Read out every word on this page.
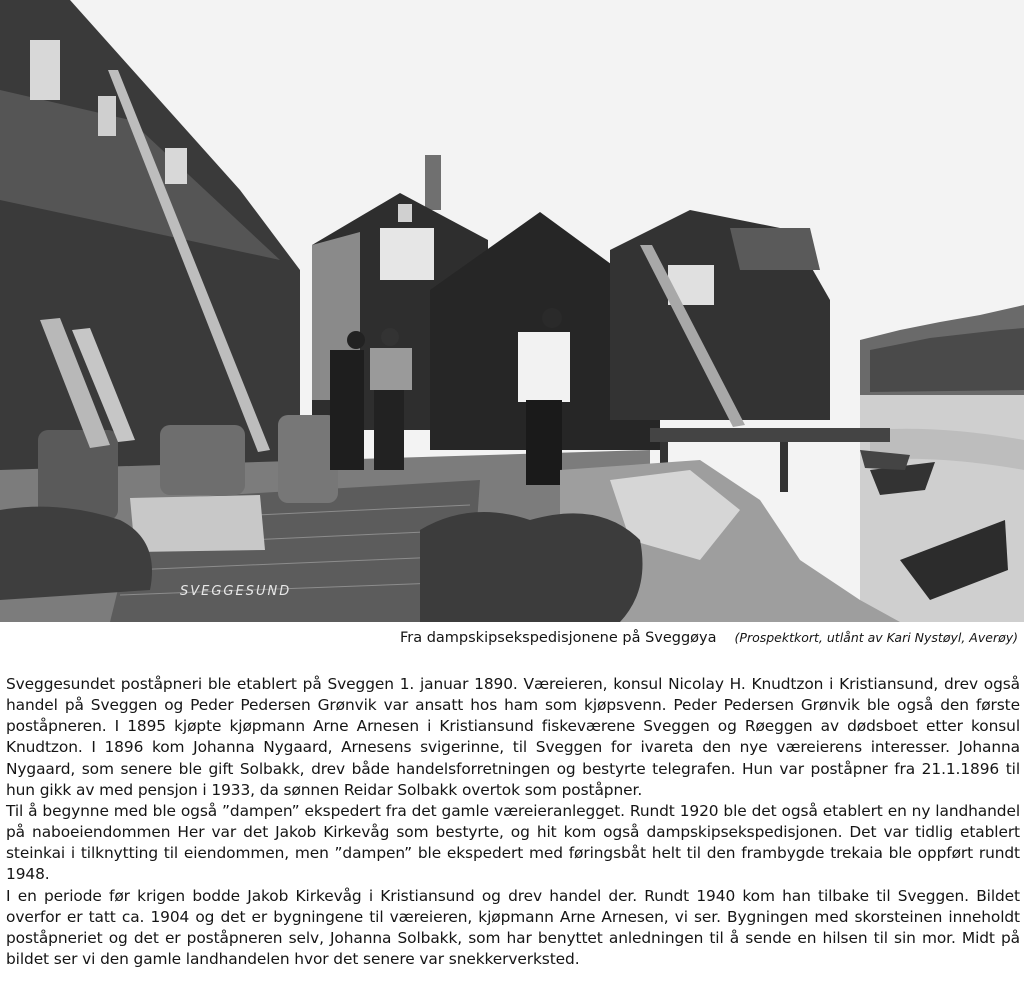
SVEGGESUND
Fra dampskipsekspedisjonene på Sveggøya (Prospektkort, utlånt av Kari Nystøyl, Averøy)

Sveggesundet poståpneri ble etablert på Sveggen 1. januar 1890. Væreieren, konsul Nicolay H. Knudtzon i Kristiansund, drev også handel på Sveggen og Peder Pedersen Grønvik var ansatt hos ham som kjøpsvenn. Peder Pedersen Grønvik ble også den første poståpneren. I 1895 kjøpte kjøpmann Arne Arnesen i Kristiansund fiskeværene Sveggen og Røeggen av dødsboet etter konsul Knudtzon. I 1896 kom Johanna Nygaard, Arnesens svigerinne, til Sveggen for ivareta den nye væreierens interesser. Johanna Nygaard, som senere ble gift Solbakk, drev både handelsforretningen og bestyrte telegrafen. Hun var poståpner fra 21.1.1896 til hun gikk av med pensjon i 1933, da sønnen Reidar Solbakk overtok som poståpner.

Til å begynne med ble også ”dampen” ekspedert fra det gamle væreieranlegget. Rundt 1920 ble det også etablert en ny landhandel på naboeiendommen Her var det Jakob Kirkevåg som bestyrte, og hit kom også dampskipsekspedisjonen. Det var tidlig etablert steinkai i tilknytting til eiendommen, men ”dampen” ble ekspedert med føringsbåt helt til den frambygde trekaia ble oppført rundt 1948.

I en periode før krigen bodde Jakob Kirkevåg i Kristiansund og drev handel der. Rundt 1940 kom han tilbake til Sveggen. Bildet overfor er tatt ca. 1904 og det er bygningene til væreieren, kjøpmann Arne Arnesen, vi ser. Bygningen med skorsteinen inneholdt poståpneriet og det er poståpneren selv, Johanna Solbakk, som har benyttet anledningen til å sende en hilsen til sin mor. Midt på bildet ser vi den gamle landhandelen hvor det senere var snekkerverksted.
